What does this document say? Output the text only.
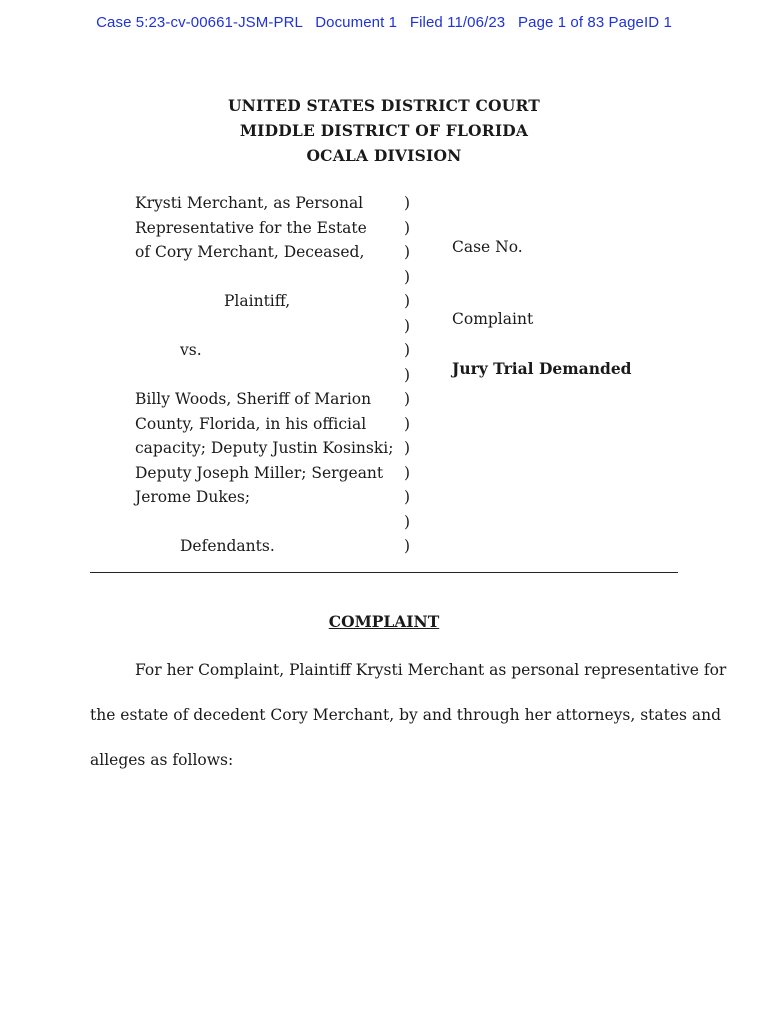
Case 5:23-cv-00661-JSM-PRL   Document 1   Filed 11/06/23   Page 1 of 83 PageID 1
UNITED STATES DISTRICT COURT
MIDDLE DISTRICT OF FLORIDA
OCALA DIVISION
Krysti Merchant, as Personal
Representative for the Estate
of Cory Merchant, Deceased,

Plaintiff,

vs.

Billy Woods, Sheriff of Marion
County, Florida, in his official
capacity; Deputy Justin Kosinski;
Deputy Joseph Miller; Sergeant
Jerome Dukes;

Defendants.
)
)
)
)
)
)
)
)
)
)
)
)
)
)
)
Case No.
Complaint
Jury Trial Demanded
COMPLAINT
For her Complaint, Plaintiff Krysti Merchant as personal representative for
the estate of decedent Cory Merchant, by and through her attorneys, states and
alleges as follows:
